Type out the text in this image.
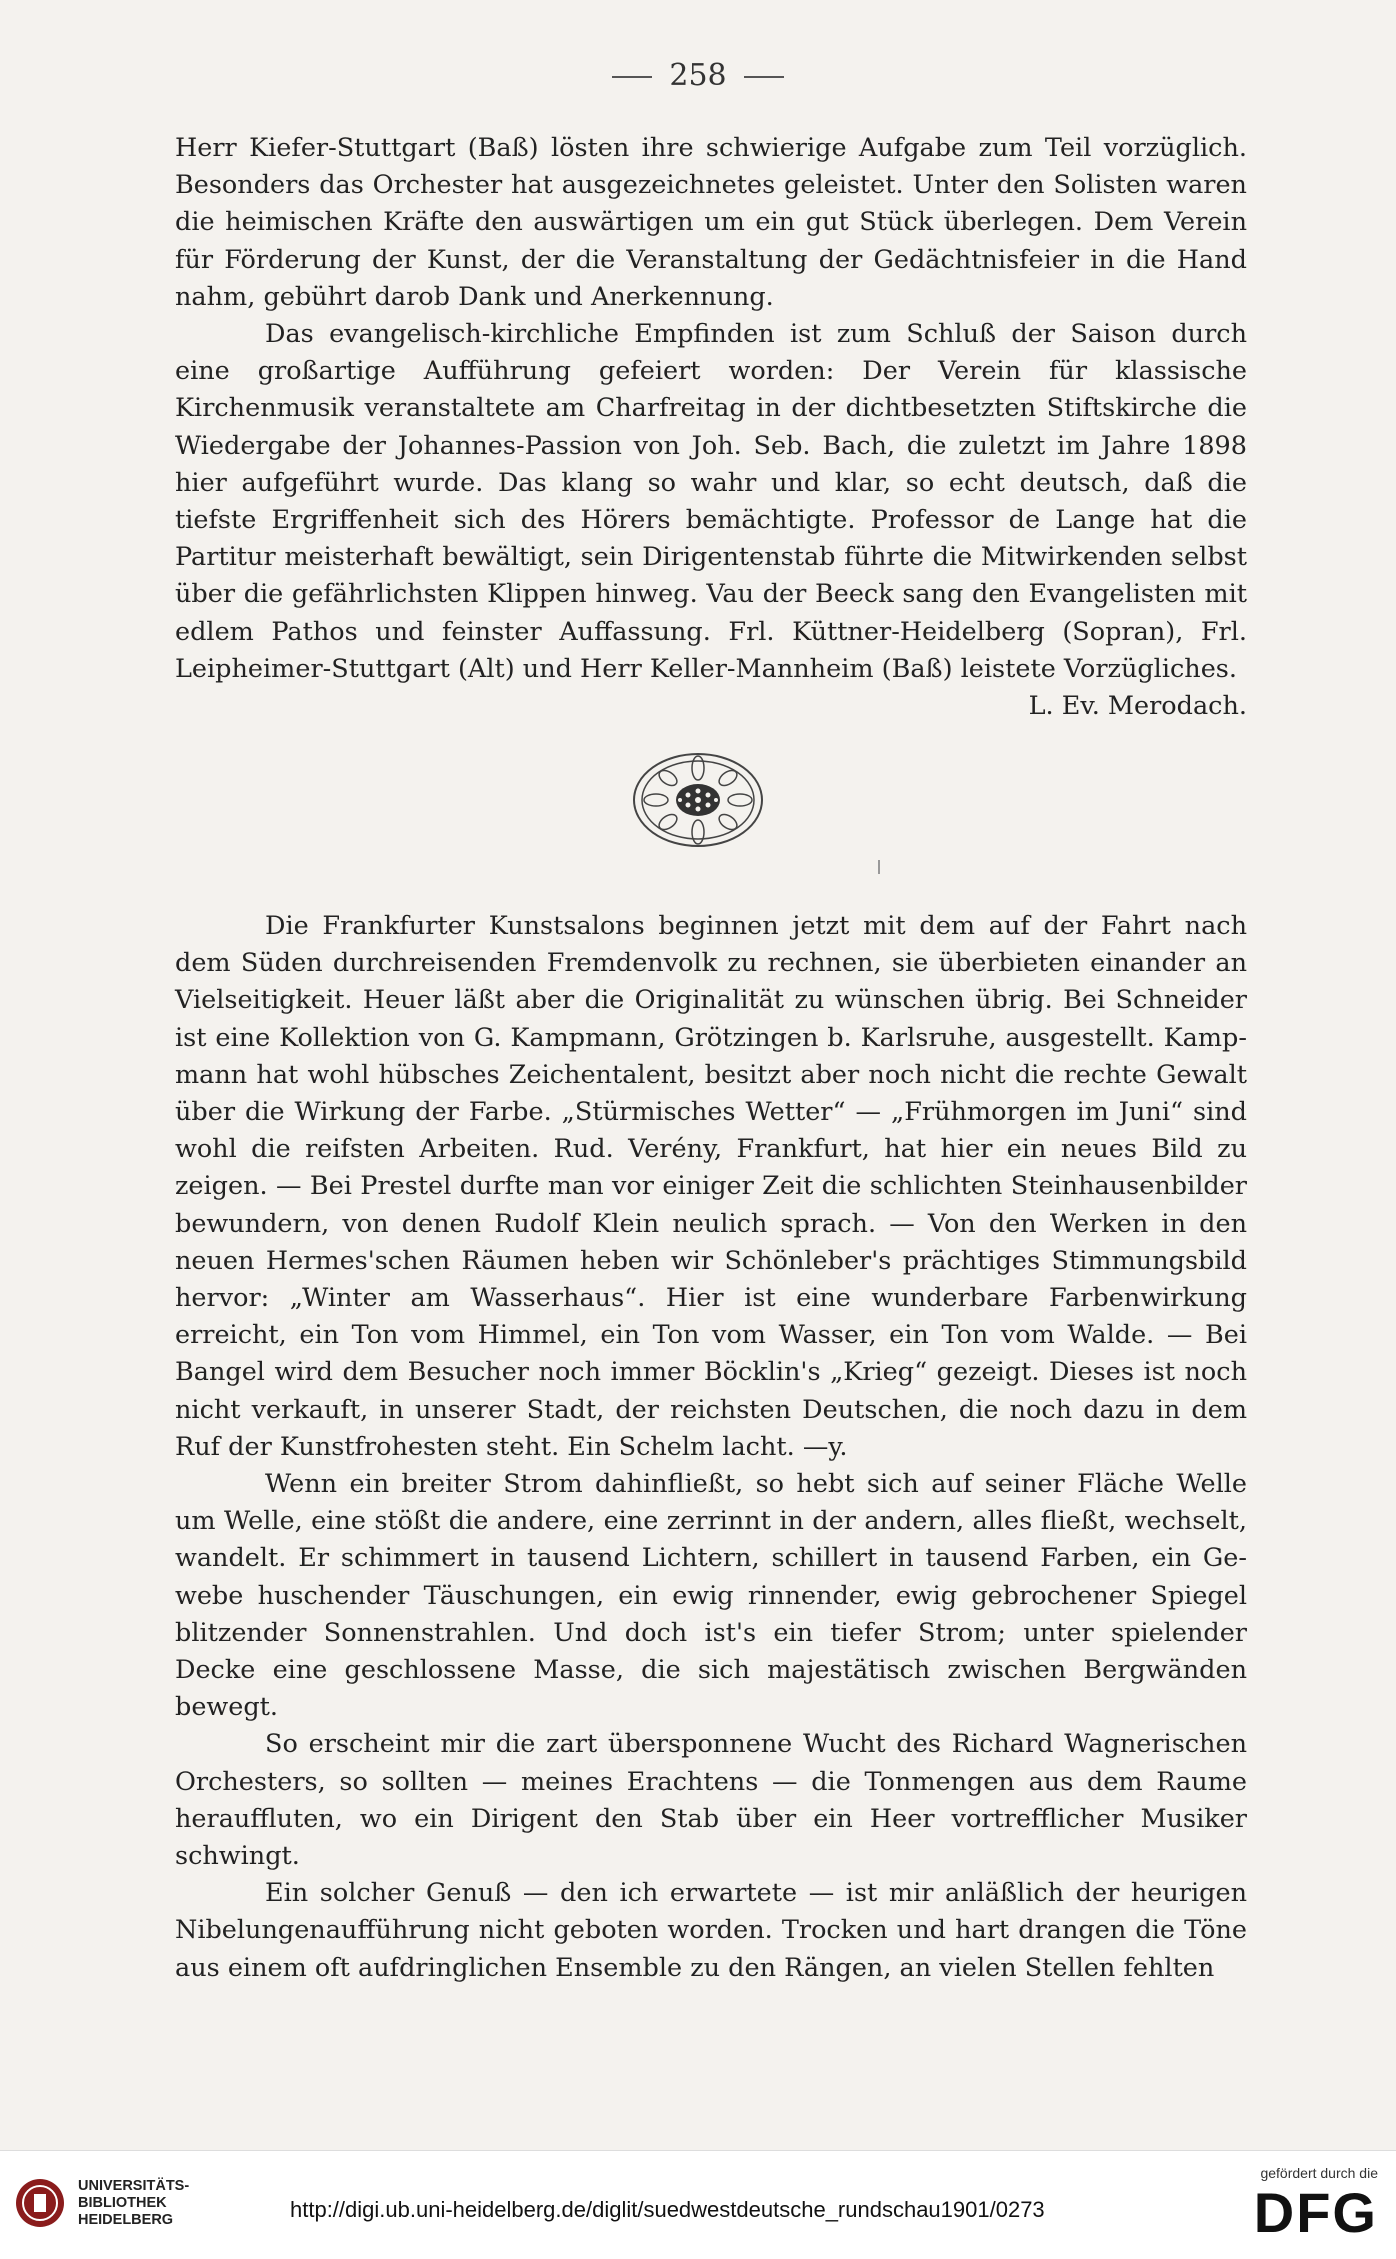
258

Herr Kiefer-Stuttgart (Baß) lösten ihre schwierige Aufgabe zum Teil vorzüglich. Besonders das Orchester hat ausgezeichnetes geleistet. Unter den Solisten waren die heimischen Kräfte den auswärtigen um ein gut Stück überlegen. Dem Verein für Förderung der Kunst, der die Veranstaltung der Gedächtnisfeier in die Hand nahm, gebührt darob Dank und Anerkennung.

Das evangelisch-kirchliche Empfinden ist zum Schluß der Saison durch eine großartige Aufführung gefeiert worden: Der Verein für klassische Kirchenmusik veranstaltete am Charfreitag in der dichtbesetzten Stiftskirche die Wiedergabe der Johannes-Passion von Joh. Seb. Bach, die zuletzt im Jahre 1898 hier aufgeführt wurde. Das klang so wahr und klar, so echt deutsch, daß die tiefste Ergriffenheit sich des Hörers bemächtigte. Professor de Lange hat die Partitur meisterhaft bewältigt, sein Dirigentenstab führte die Mitwirkenden selbst über die gefährlichsten Klippen hinweg. Vau der Beeck sang den Evangelisten mit edlem Pathos und feinster Auffassung. Frl. Küttner-Heidelberg (Sopran), Frl. Leipheimer-Stuttgart (Alt) und Herr Keller-Mannheim (Baß) leistete Vorzügliches.

L. Ev. Merodach.

Die Frankfurter Kunstsalons beginnen jetzt mit dem auf der Fahrt nach dem Süden durchreisenden Fremdenvolk zu rechnen, sie überbieten einander an Vielseitigkeit. Heuer läßt aber die Originalität zu wünschen übrig. Bei Schneider ist eine Kollektion von G. Kampmann, Grötzingen b. Karlsruhe, ausgestellt. Kampmann hat wohl hübsches Zeichentalent, besitzt aber noch nicht die rechte Gewalt über die Wirkung der Farbe. „Stürmisches Wetter“ — „Frühmorgen im Juni“ sind wohl die reifsten Arbeiten. Rud. Verény, Frankfurt, hat hier ein neues Bild zu zeigen. — Bei Prestel durfte man vor einiger Zeit die schlichten Steinhausenbilder bewundern, von denen Rudolf Klein neulich sprach. — Von den Werken in den neuen Hermes'schen Räumen heben wir Schönleber's prächtiges Stimmungsbild hervor: „Winter am Wasserhaus“. Hier ist eine wunderbare Farbenwirkung erreicht, ein Ton vom Himmel, ein Ton vom Wasser, ein Ton vom Walde. — Bei Bangel wird dem Besucher noch immer Böcklin's „Krieg“ gezeigt. Dieses ist noch nicht verkauft, in unserer Stadt, der reichsten Deutschen, die noch dazu in dem Ruf der Kunstfrohesten steht. Ein Schelm lacht. —y.

Wenn ein breiter Strom dahinfließt, so hebt sich auf seiner Fläche Welle um Welle, eine stößt die andere, eine zerrinnt in der andern, alles fließt, wechselt, wandelt. Er schimmert in tausend Lichtern, schillert in tausend Farben, ein Gewebe huschender Täuschungen, ein ewig rinnender, ewig gebrochener Spiegel blitzender Sonnenstrahlen. Und doch ist's ein tiefer Strom; unter spielender Decke eine geschlossene Masse, die sich majestätisch zwischen Bergwänden bewegt.

So erscheint mir die zart übersponnene Wucht des Richard Wagnerischen Orchesters, so sollten — meines Erachtens — die Tonmengen aus dem Raume herauffluten, wo ein Dirigent den Stab über ein Heer vortrefflicher Musiker schwingt.

Ein solcher Genuß — den ich erwartete — ist mir anläßlich der heurigen Nibelungenaufführung nicht geboten worden. Trocken und hart drangen die Töne aus einem oft aufdringlichen Ensemble zu den Rängen, an vielen Stellen fehlten

UNIVERSITÄTS-
BIBLIOTHEK
HEIDELBERG	http://digi.ub.uni-heidelberg.de/diglit/suedwestdeutsche_rundschau1901/0273
gefördert durch die
DFG
